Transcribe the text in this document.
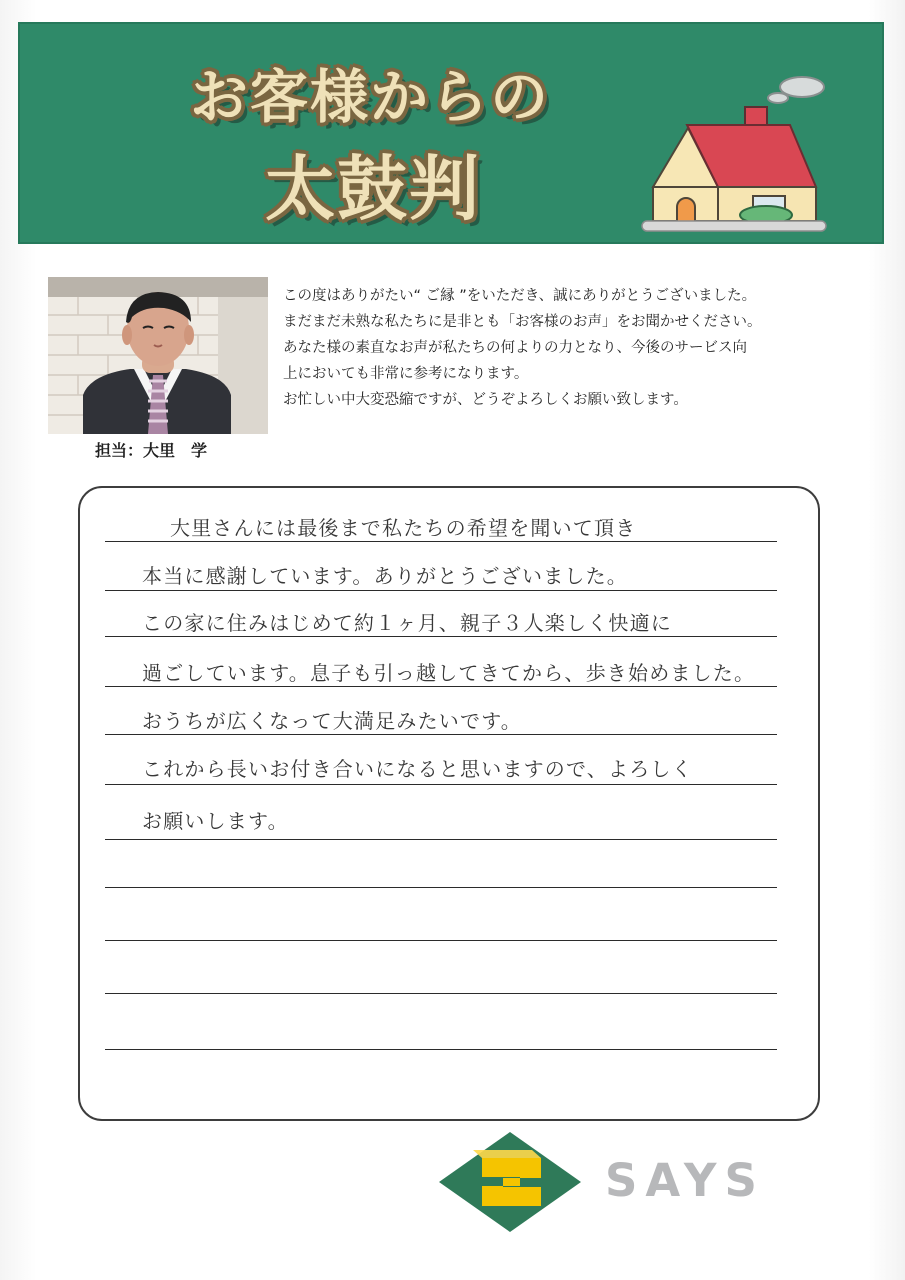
お客様からの
太鼓判

担当：大里　学

この度はありがたい“ ご縁 ”をいただき、誠にありがとうございました。

まだまだ未熟な私たちに是非とも「お客様のお声」をお聞かせください。

あなた様の素直なお声が私たちの何よりの力となり、今後のサービス向

上においても非常に参考になります。

お忙しい中大変恐縮ですが、どうぞよろしくお願い致します。

大里さんには最後まで私たちの希望を聞いて頂き

本当に感謝しています。ありがとうございました。

この家に住みはじめて約１ヶ月、親子３人楽しく快適に

過ごしています。息子も引っ越してきてから、歩き始めました。

おうちが広くなって大満足みたいです。

これから長いお付き合いになると思いますので、よろしく

お願いします。

SAYS
